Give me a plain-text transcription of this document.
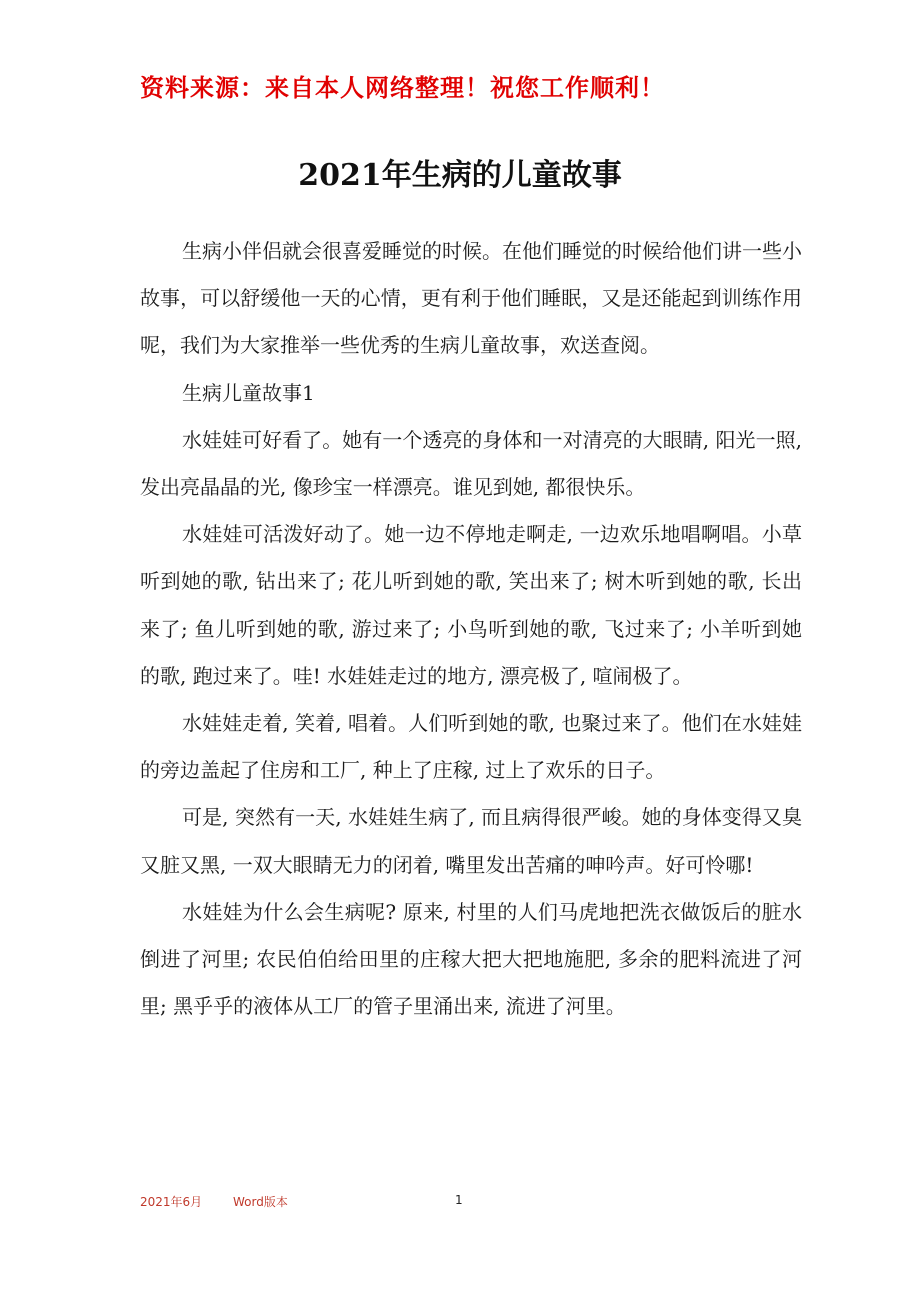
资料来源：来自本人网络整理！祝您工作顺利！
2021年生病的儿童故事

生病小伴侣就会很喜爱睡觉的时候。在他们睡觉的时候给他们讲一些小故事，可以舒缓他一天的心情，更有利于他们睡眠，又是还能起到训练作用呢，我们为大家推举一些优秀的生病儿童故事，欢送查阅。

生病儿童故事1

水娃娃可好看了。她有一个透亮的身体和一对清亮的大眼睛, 阳光一照, 发出亮晶晶的光, 像珍宝一样漂亮。谁见到她, 都很快乐。

水娃娃可活泼好动了。她一边不停地走啊走, 一边欢乐地唱啊唱。小草听到她的歌, 钻出来了; 花儿听到她的歌, 笑出来了; 树木听到她的歌, 长出来了; 鱼儿听到她的歌, 游过来了; 小鸟听到她的歌, 飞过来了; 小羊听到她的歌, 跑过来了。哇! 水娃娃走过的地方, 漂亮极了, 喧闹极了。

水娃娃走着, 笑着, 唱着。人们听到她的歌, 也聚过来了。他们在水娃娃的旁边盖起了住房和工厂, 种上了庄稼, 过上了欢乐的日子。

可是, 突然有一天, 水娃娃生病了, 而且病得很严峻。她的身体变得又臭又脏又黑, 一双大眼睛无力的闭着, 嘴里发出苦痛的呻吟声。好可怜哪!

水娃娃为什么会生病呢? 原来, 村里的人们马虎地把洗衣做饭后的脏水倒进了河里; 农民伯伯给田里的庄稼大把大把地施肥, 多余的肥料流进了河里; 黑乎乎的液体从工厂的管子里涌出来, 流进了河里。

2021年6月	Word版本	1
